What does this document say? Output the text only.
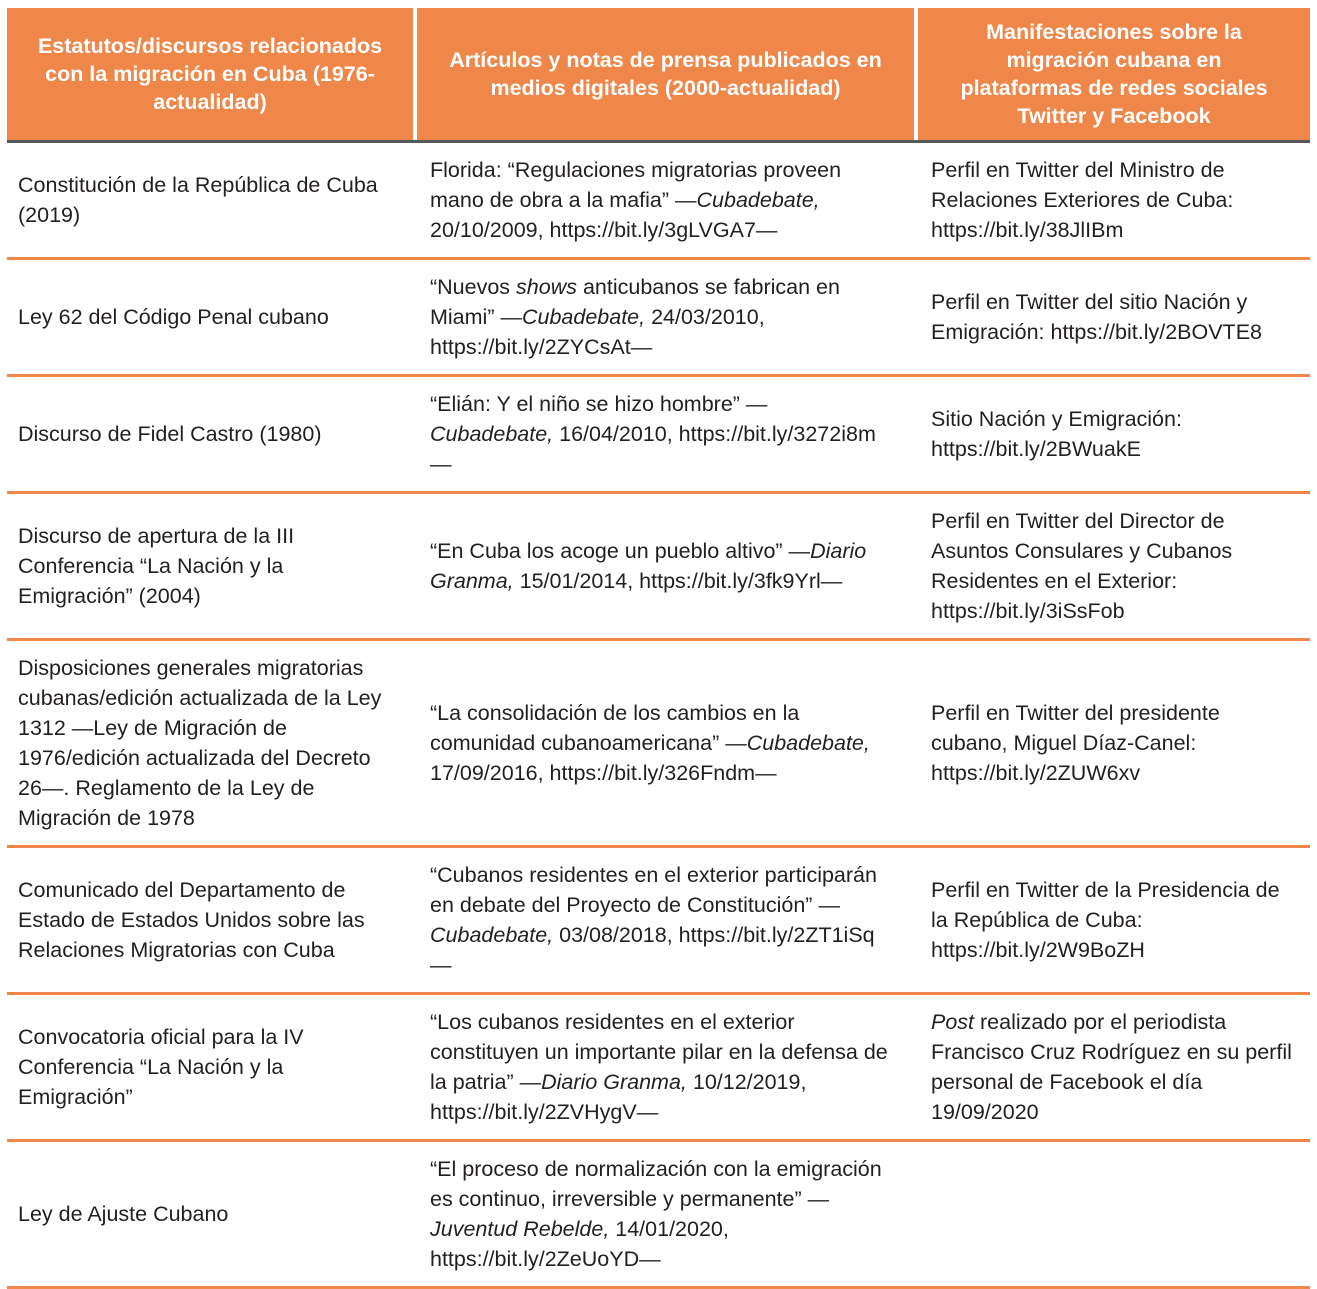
Estatutos/discursos relacionados con la migración en Cuba (1976-actualidad)
Artículos y notas de prensa publicados en medios digitales (2000-actualidad)
Manifestaciones sobre la migración cubana en plataformas de redes sociales Twitter y Facebook
Constitución de la República de Cuba (2019)
Florida: “Regulaciones migratorias proveen mano de obra a la mafia” —Cubadebate, 20/10/2009, https://bit.ly/3gLVGA7—
Perfil en Twitter del Ministro de Relaciones Exteriores de Cuba: https://bit.ly/38JlIBm
Ley 62 del Código Penal cubano
“Nuevos shows anticubanos se fabrican en Miami” —Cubadebate, 24/03/2010, https://bit.ly/2ZYCsAt—
Perfil en Twitter del sitio Nación y Emigración: https://bit.ly/2BOVTE8
Discurso de Fidel Castro (1980)
“Elián: Y el niño se hizo hombre” —Cubadebate, 16/04/2010, https://bit.ly/3272i8m—
Sitio Nación y Emigración: https://bit.ly/2BWuakE
Discurso de apertura de la III Conferencia “La Nación y la Emigración” (2004)
“En Cuba los acoge un pueblo altivo” —Diario Granma, 15/01/2014, https://bit.ly/3fk9Yrl—
Perfil en Twitter del Director de Asuntos Consulares y Cubanos Residentes en el Exterior: https://bit.ly/3iSsFob
Disposiciones generales migratorias cubanas/edición actualizada de la Ley 1312 —Ley de Migración de 1976/edición actualizada del Decreto 26—. Reglamento de la Ley de Migración de 1978
“La consolidación de los cambios en la comunidad cubanoamericana” —Cubadebate, 17/09/2016, https://bit.ly/326Fndm—
Perfil en Twitter del presidente cubano, Miguel Díaz-Canel: https://bit.ly/2ZUW6xv
Comunicado del Departamento de Estado de Estados Unidos sobre las Relaciones Migratorias con Cuba
“Cubanos residentes en el exterior participarán en debate del Proyecto de Constitución” —Cubadebate, 03/08/2018, https://bit.ly/2ZT1iSq—
Perfil en Twitter de la Presidencia de la República de Cuba: https://bit.ly/2W9BoZH
Convocatoria oficial para la IV Conferencia “La Nación y la Emigración”
“Los cubanos residentes en el exterior constituyen un importante pilar en la defensa de la patria” —Diario Granma, 10/12/2019, https://bit.ly/2ZVHygV—
Post realizado por el periodista Francisco Cruz Rodríguez en su perfil personal de Facebook el día 19/09/2020
Ley de Ajuste Cubano
“El proceso de normalización con la emigración es continuo, irreversible y permanente” —Juventud Rebelde, 14/01/2020, https://bit.ly/2ZeUoYD—
